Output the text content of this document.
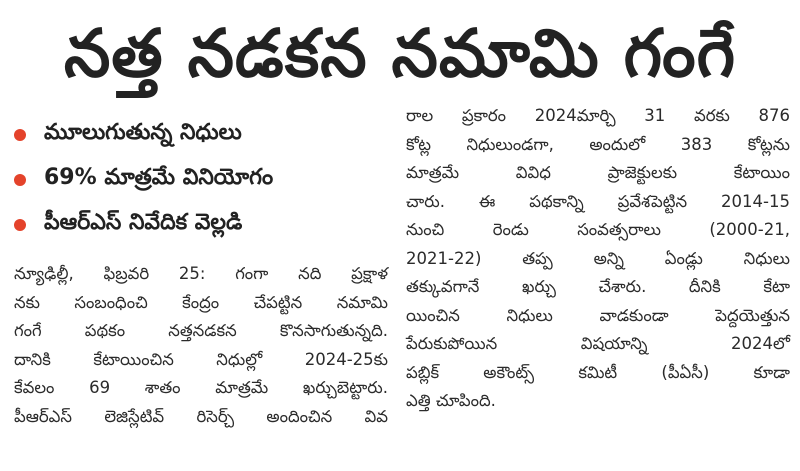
నత్త నడకన నమామి గంగే
మూలుగుతున్న నిధులు
69% మాత్రమే వినియోగం
పీఆర్ఎస్ నివేదిక వెల్లడి
న్యూఢిల్లీ, ఫిబ్రవరి 25: గంగా నది ప్రక్షాళ
నకు సంబంధించి కేంద్రం చేపట్టిన నమామి
గంగే పథకం నత్తనడకన కొనసాగుతున్నది.
దానికి కేటాయించిన నిధుల్లో 2024-25కు
కేవలం 69 శాతం మాత్రమే ఖర్చుబెట్టారు.
పీఆర్ఎస్ లెజిస్లేటివ్ రిసెర్చ్ అందించిన వివ
రాల ప్రకారం 2024మార్చి 31 వరకు 876
కోట్ల నిధులుండగా, అందులో 383 కోట్లను
మాత్రమే వివిధ ప్రాజెక్టులకు కేటాయిం
చారు. ఈ పథకాన్ని ప్రవేశపెట్టిన 2014-15
నుంచి రెండు సంవత్సరాలు (2000-21,
2021-22) తప్ప అన్ని ఏండ్లు నిధులు
తక్కువగానే ఖర్చు చేశారు. దీనికి కేటా
యించిన నిధులు వాడకుండా పెద్దయెత్తున
పేరుకుపోయిన విషయాన్ని 2024లో
పబ్లిక్ అకౌంట్స్ కమిటీ (పీఏసీ) కూడా
ఎత్తి చూపింది.
